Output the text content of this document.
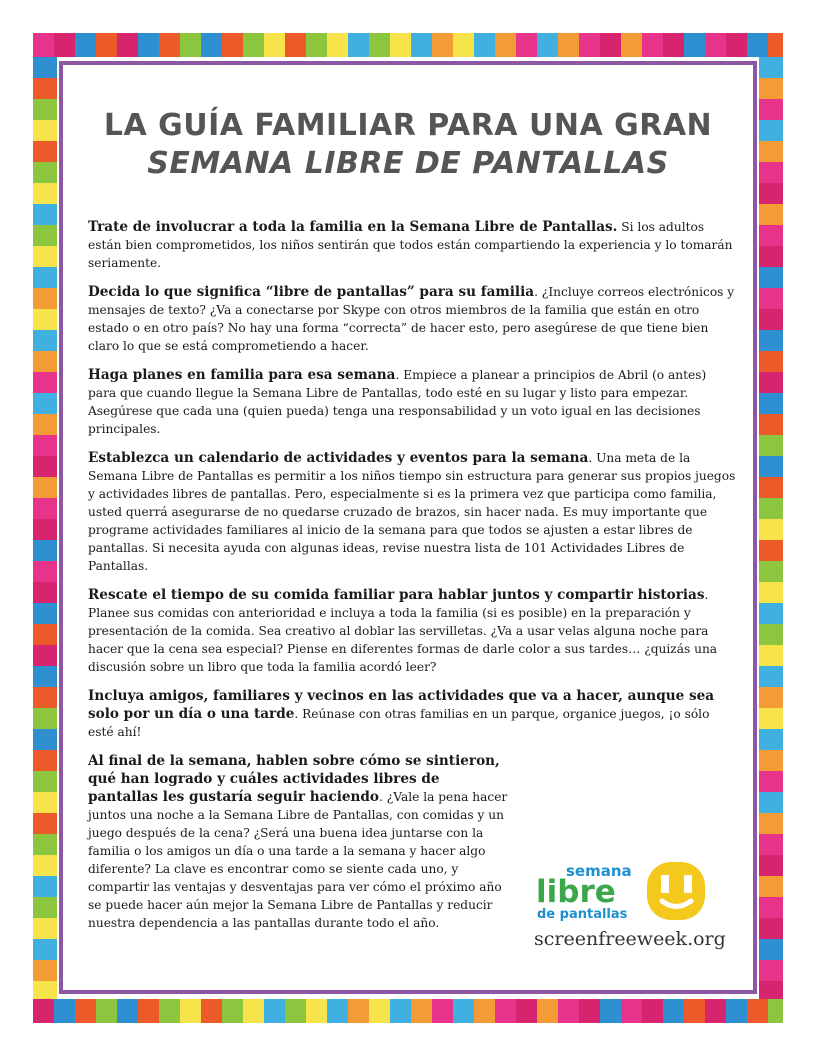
LA GUÍA FAMILIAR PARA UNA GRAN
SEMANA LIBRE DE PANTALLAS

Trate de involucrar a toda la familia en la Semana Libre de Pantallas. Si los adultos están bien comprometidos, los niños sentirán que todos están compartiendo la experiencia y lo tomarán seriamente.

Decida lo que significa “libre de pantallas” para su familia. ¿Incluye correos electrónicos y mensajes de texto? ¿Va a conectarse por Skype con otros miembros de la familia que están en otro estado o en otro país? No hay una forma “correcta” de hacer esto, pero asegúrese de que tiene bien claro lo que se está comprometiendo a hacer.

Haga planes en familia para esa semana. Empiece a planear a principios de Abril (o antes) para que cuando llegue la Semana Libre de Pantallas, todo esté en su lugar y listo para empezar. Asegúrese que cada una (quien pueda) tenga una responsabilidad y un voto igual en las decisiones principales.

Establezca un calendario de actividades y eventos para la semana. Una meta de la Semana Libre de Pantallas es permitir a los niños tiempo sin estructura para generar sus propios juegos y actividades libres de pantallas. Pero, especialmente si es la primera vez que participa como familia, usted querrá asegurarse de no quedarse cruzado de brazos, sin hacer nada. Es muy importante que programe actividades familiares al inicio de la semana para que todos se ajusten a estar libres de pantallas. Si necesita ayuda con algunas ideas, revise nuestra lista de 101 Actividades Libres de Pantallas.

Rescate el tiempo de su comida familiar para hablar juntos y compartir historias. Planee sus comidas con anterioridad e incluya a toda la familia (si es posible) en la preparación y presentación de la comida. Sea creativo al doblar las servilletas. ¿Va a usar velas alguna noche para hacer que la cena sea especial? Piense en diferentes formas de darle color a sus tardes… ¿quizás una discusión sobre un libro que toda la familia acordó leer?

Incluya amigos, familiares y vecinos en las actividades que va a hacer, aunque sea solo por un día o una tarde. Reúnase con otras familias en un parque, organice juegos, ¡o sólo esté ahí!

Al final de la semana, hablen sobre cómo se sintieron, qué han logrado y cuáles actividades libres de pantallas les gustaría seguir haciendo. ¿Vale la pena hacer juntos una noche a la Semana Libre de Pantallas, con comidas y un juego después de la cena? ¿Será una buena idea juntarse con la familia o los amigos un día o una tarde a la semana y hacer algo diferente? La clave es encontrar como se siente cada uno, y compartir las ventajas y desventajas para ver cómo el próximo año se puede hacer aún mejor la Semana Libre de Pantallas y reducir nuestra dependencia a las pantallas durante todo el año.

semana
libre
de pantallas
screenfreeweek.org
